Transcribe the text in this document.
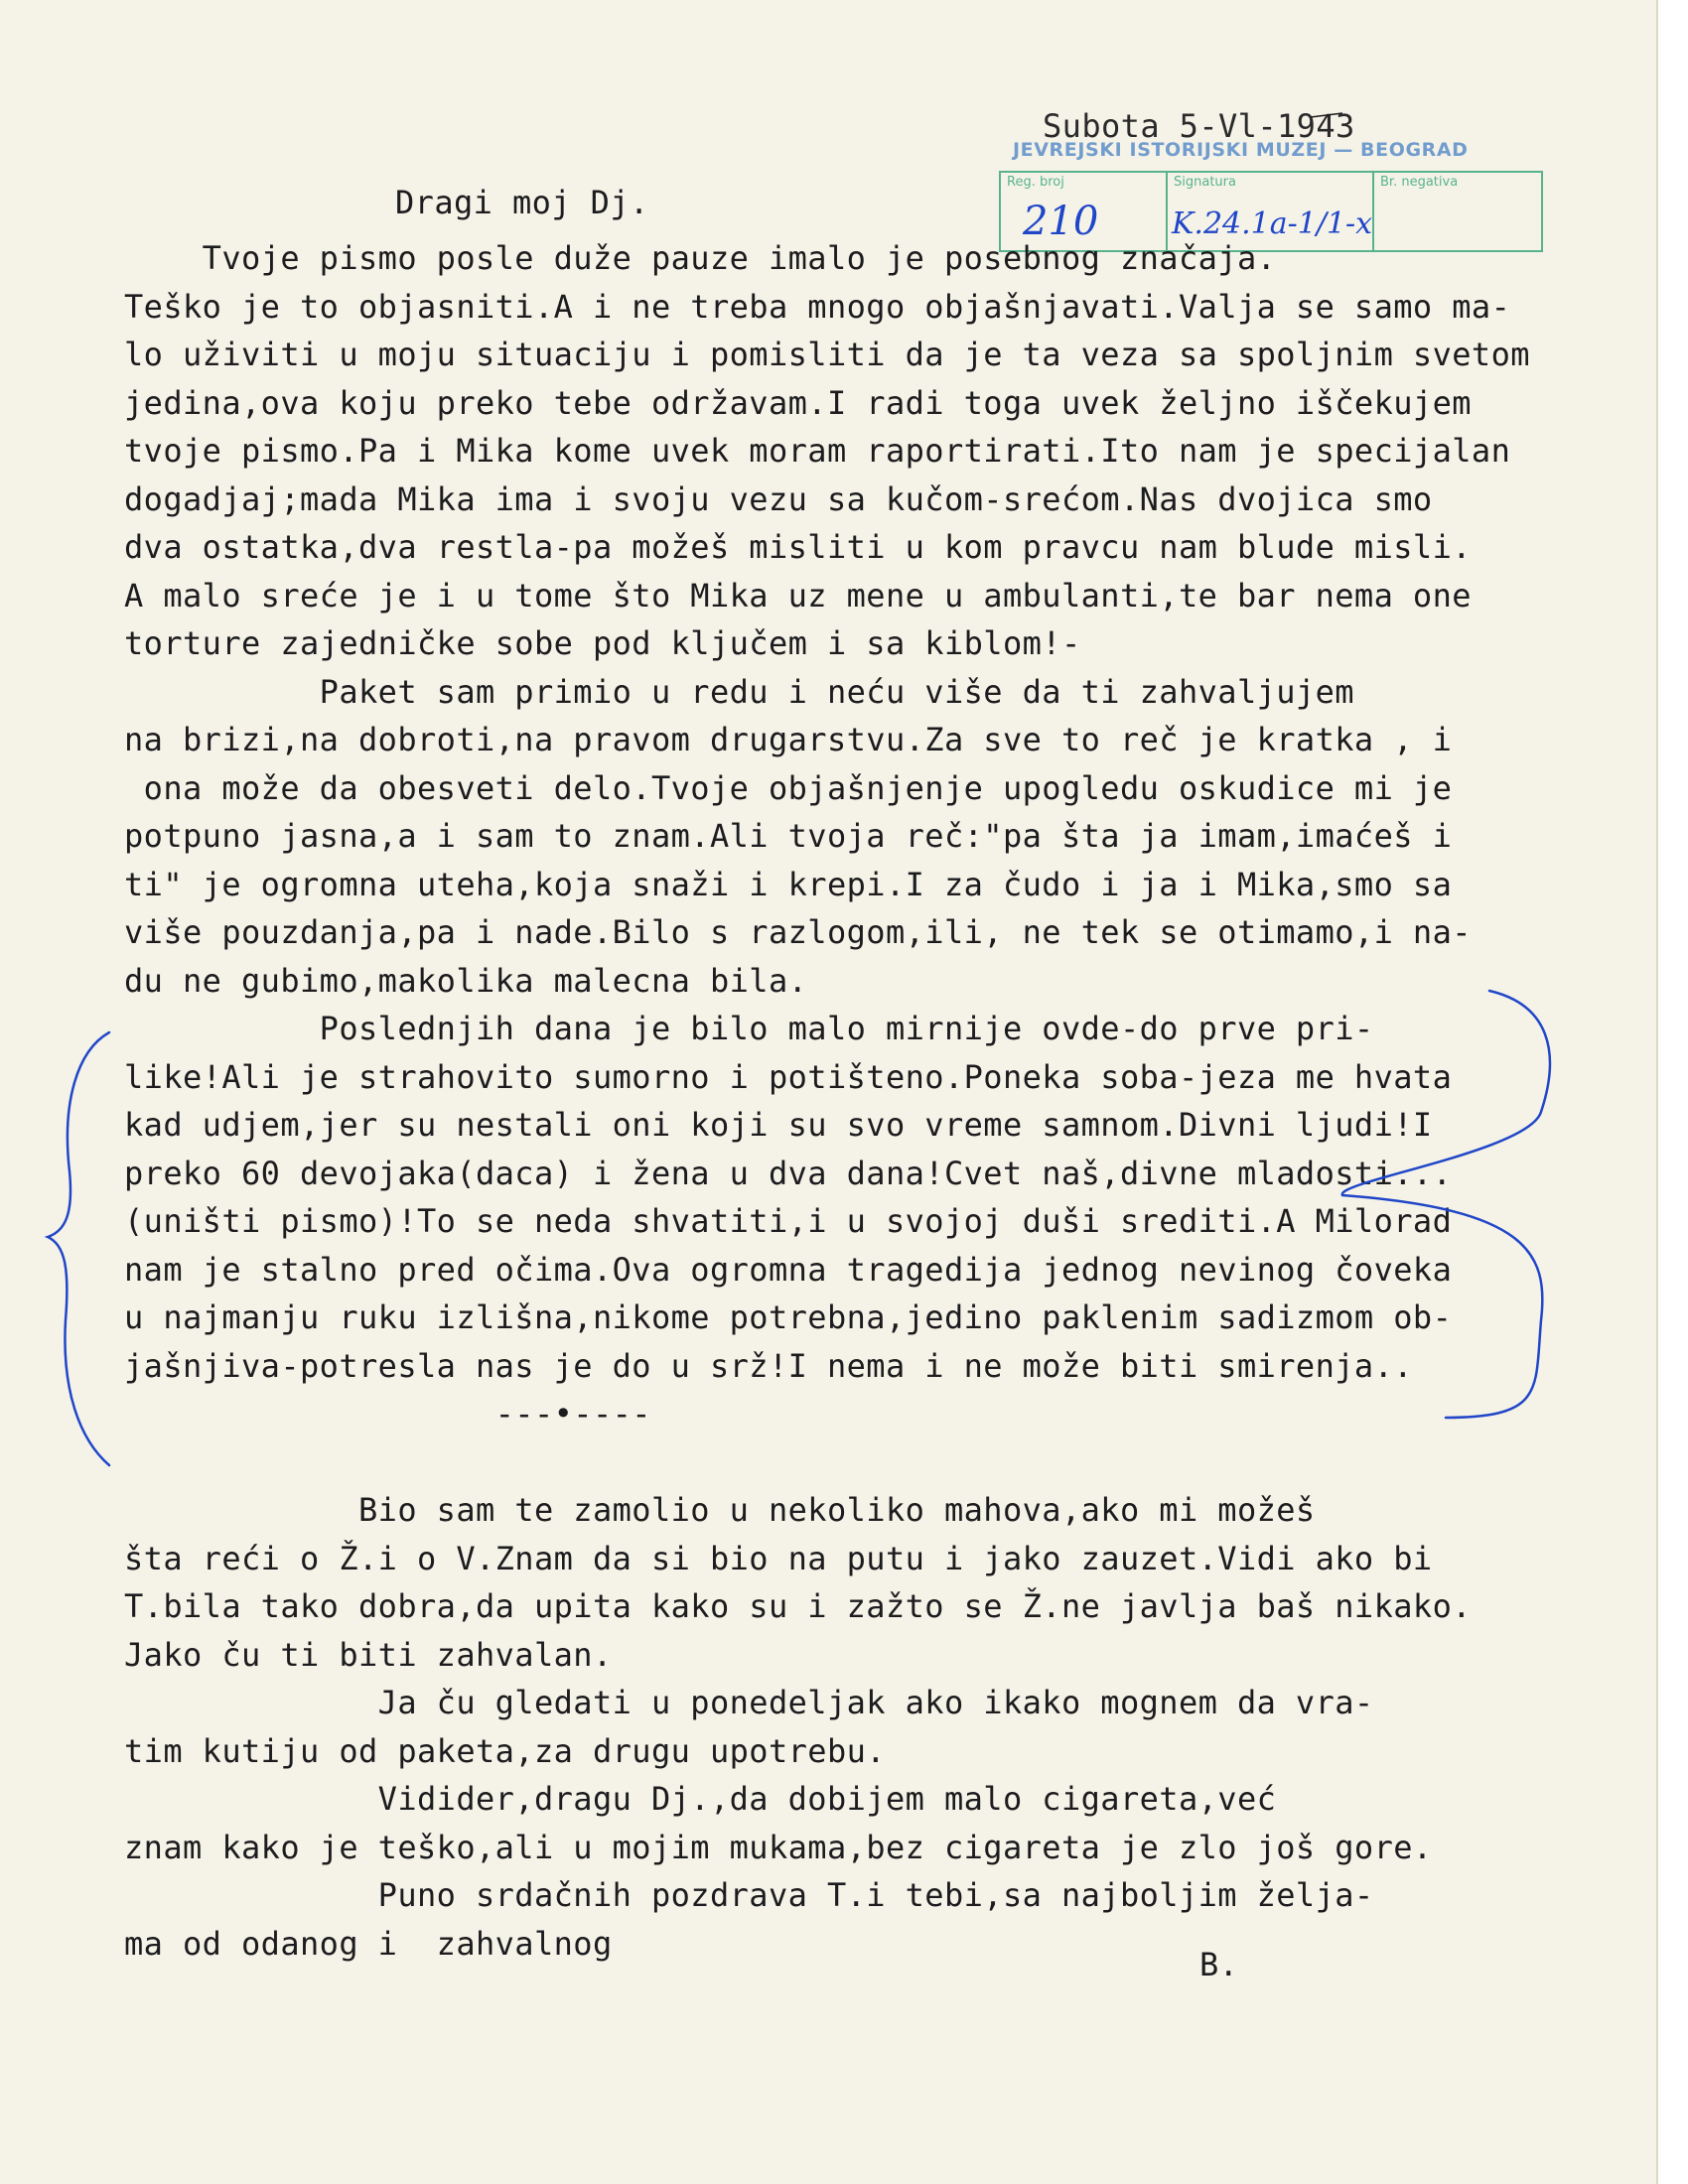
Subota 5-Vl-1943
JEVREJSKI ISTORIJSKI MUZEJ — BEOGRAD
Reg. broj	Signatura	Br. negativa
210 K.24.1a-1/1-x
Dragi moj Dj.
Tvoje pismo posle duže pauze imalo je posebnog značaja.
Teško je to objasniti.A i ne treba mnogo objašnjavati.Valja se samo ma-
lo uživiti u moju situaciju i pomisliti da je ta veza sa spoljnim svetom
jedina,ova koju preko tebe održavam.I radi toga uvek željno iščekujem
tvoje pismo.Pa i Mika kome uvek moram raportirati.Ito nam je specijalan
dogadjaj;mada Mika ima i svoju vezu sa kučom-srećom.Nas dvojica smo
dva ostatka,dva restla-pa možeš misliti u kom pravcu nam blude misli.
A malo sreće je i u tome što Mika uz mene u ambulanti,te bar nema one
torture zajedničke sobe pod ključem i sa kiblom!-
Paket sam primio u redu i neću više da ti zahvaljujem
na brizi,na dobroti,na pravom drugarstvu.Za sve to reč je kratka , i
ona može da obesveti delo.Tvoje objašnjenje upogledu oskudice mi je
potpuno jasna,a i sam to znam.Ali tvoja reč:"pa šta ja imam,imaćeš i
ti" je ogromna uteha,koja snaži i krepi.I za čudo i ja i Mika,smo sa
više pouzdanja,pa i nade.Bilo s razlogom,ili, ne tek se otimamo,i na-
du ne gubimo,makolika malecna bila.
Poslednjih dana je bilo malo mirnije ovde-do prve pri-
like!Ali je strahovito sumorno i potišteno.Poneka soba-jeza me hvata
kad udjem,jer su nestali oni koji su svo vreme samnom.Divni ljudi!I
preko 60 devojaka(daca) i žena u dva dana!Cvet naš,divne mladosti...
(uništi pismo)!To se neda shvatiti,i u svojoj duši srediti.A Milorad
nam je stalno pred očima.Ova ogromna tragedija jednog nevinog čoveka
u najmanju ruku izlišna,nikome potrebna,jedino paklenim sadizmom ob-
jašnjiva-potresla nas je do u srž!I nema i ne može biti smirenja..
---•----
Bio sam te zamolio u nekoliko mahova,ako mi možeš
šta reći o Ž.i o V.Znam da si bio na putu i jako zauzet.Vidi ako bi
T.bila tako dobra,da upita kako su i zažto se Ž.ne javlja baš nikako.
Jako ču ti biti zahvalan.
Ja ču gledati u ponedeljak ako ikako mognem da vra-
tim kutiju od paketa,za drugu upotrebu.
Vidider,dragu Dj.,da dobijem malo cigareta,već
znam kako je teško,ali u mojim mukama,bez cigareta je zlo još gore.
Puno srdačnih pozdrava T.i tebi,sa najboljim želja-
ma od odanog i  zahvalnog
B.
